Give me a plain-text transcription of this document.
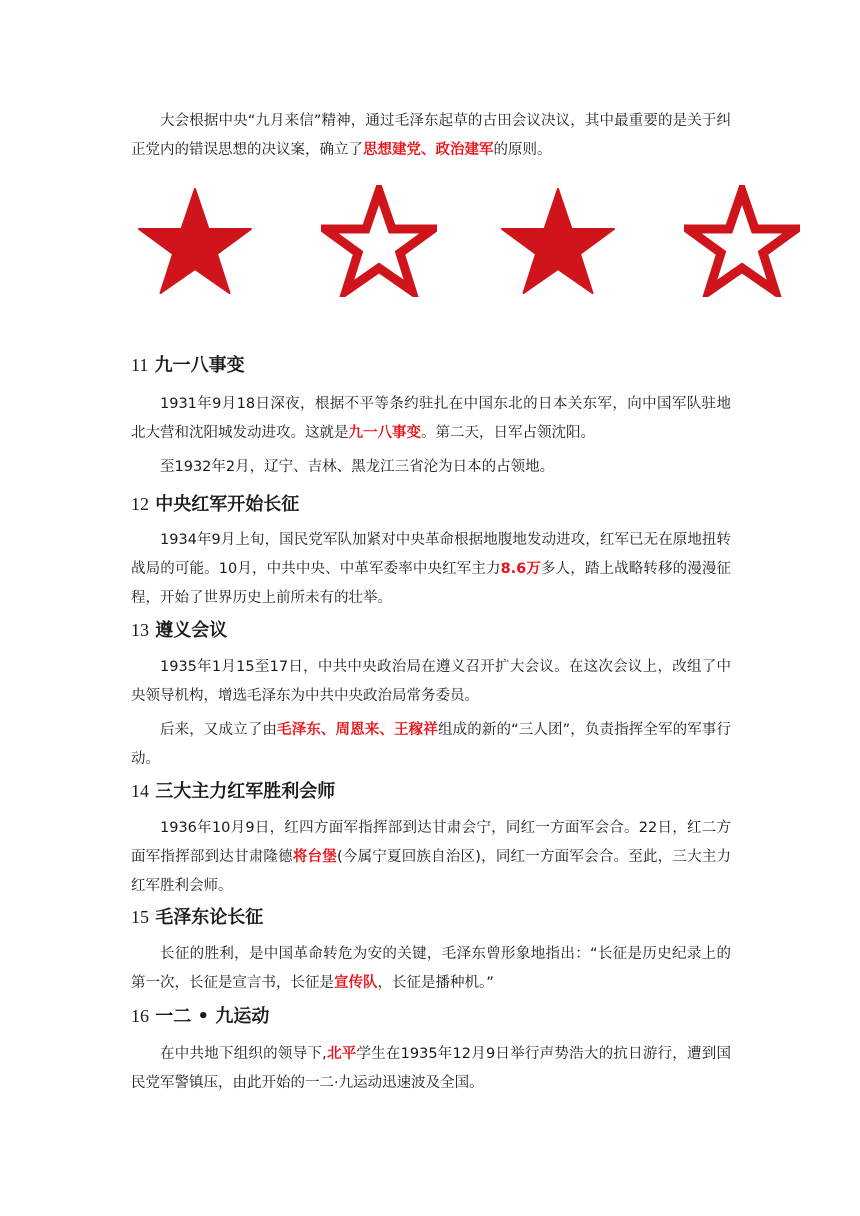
大会根据中央“九月来信”精神，通过毛泽东起草的古田会议决议，其中最重要的是关于纠正党内的错误思想的决议案，确立了思想建党、政治建军的原则。

11 九一八事变

1931年9月18日深夜，根据不平等条约驻扎在中国东北的日本关东军，向中国军队驻地北大营和沈阳城发动进攻。这就是九一八事变。第二天，日军占领沈阳。

至1932年2月，辽宁、吉林、黑龙江三省沦为日本的占领地。

12 中央红军开始长征

1934年9月上旬，国民党军队加紧对中央革命根据地腹地发动进攻，红军已无在原地扭转战局的可能。10月，中共中央、中革军委率中央红军主力8.6万多人，踏上战略转移的漫漫征程，开始了世界历史上前所未有的壮举。

13 遵义会议

1935年1月15至17日，中共中央政治局在遵义召开扩大会议。在这次会议上，改组了中央领导机构，增选毛泽东为中共中央政治局常务委员。

后来，又成立了由毛泽东、周恩来、王稼祥组成的新的“三人团”，负责指挥全军的军事行动。

14 三大主力红军胜利会师

1936年10月9日，红四方面军指挥部到达甘肃会宁，同红一方面军会合。22日，红二方面军指挥部到达甘肃隆德将台堡(今属宁夏回族自治区)，同红一方面军会合。至此，三大主力红军胜利会师。

15 毛泽东论长征

长征的胜利，是中国革命转危为安的关键，毛泽东曾形象地指出：“长征是历史纪录上的第一次，长征是宣言书，长征是宣传队，长征是播种机。”

16 一二 • 九运动

在中共地下组织的领导下,北平学生在1935年12月9日举行声势浩大的抗日游行，遭到国民党军警镇压，由此开始的一二·九运动迅速波及全国。
